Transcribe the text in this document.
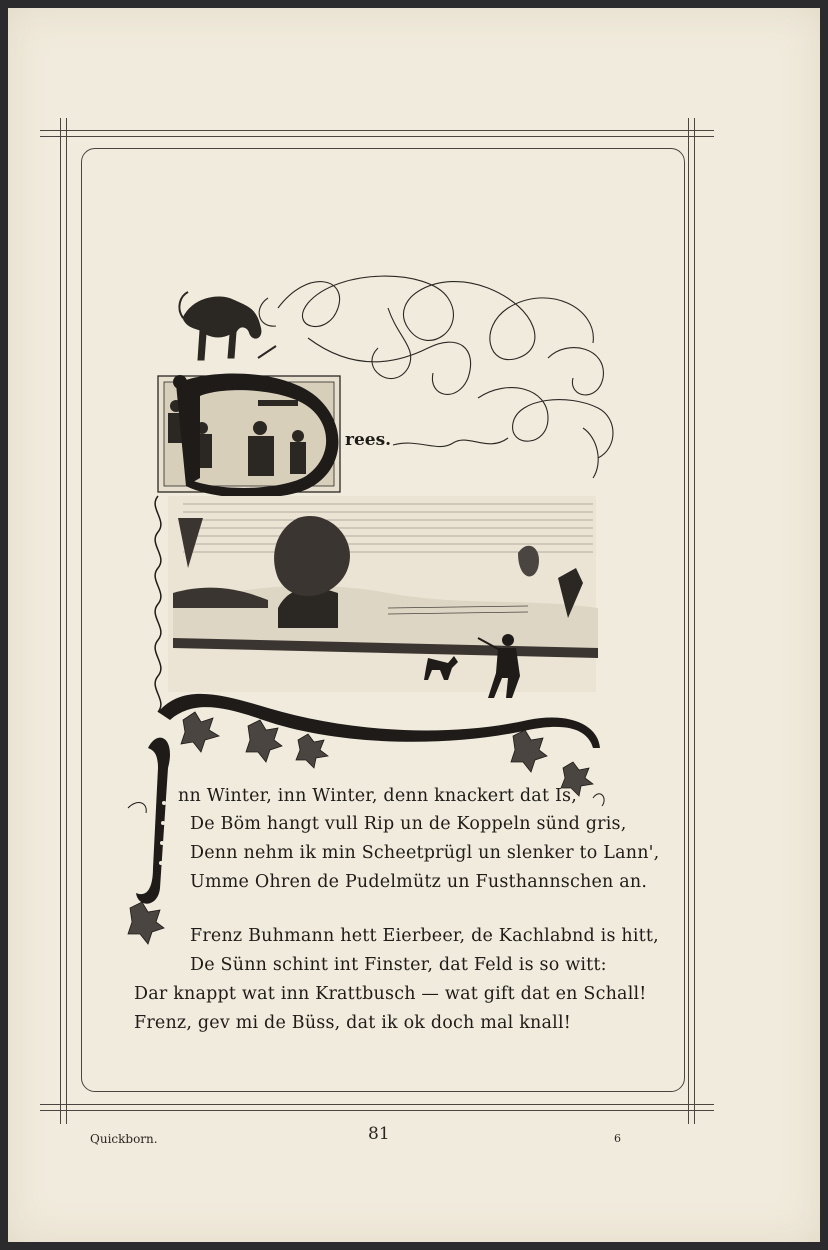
rees.
nn Winter, inn Winter, denn knackert dat Is,
De Böm hangt vull Rip un de Koppeln sünd gris,
Denn nehm ik min Scheetprügl un slenker to Lann',
Umme Ohren de Pudelmütz un Fusthannschen an.
Frenz Buhmann hett Eierbeer, de Kachlabnd is hitt,
De Sünn schint int Finster, dat Feld is so witt:
Dar knappt wat inn Krattbusch — wat gift dat en Schall!
Frenz, gev mi de Büss, dat ik ok doch mal knall!
Quickborn.	81	6
